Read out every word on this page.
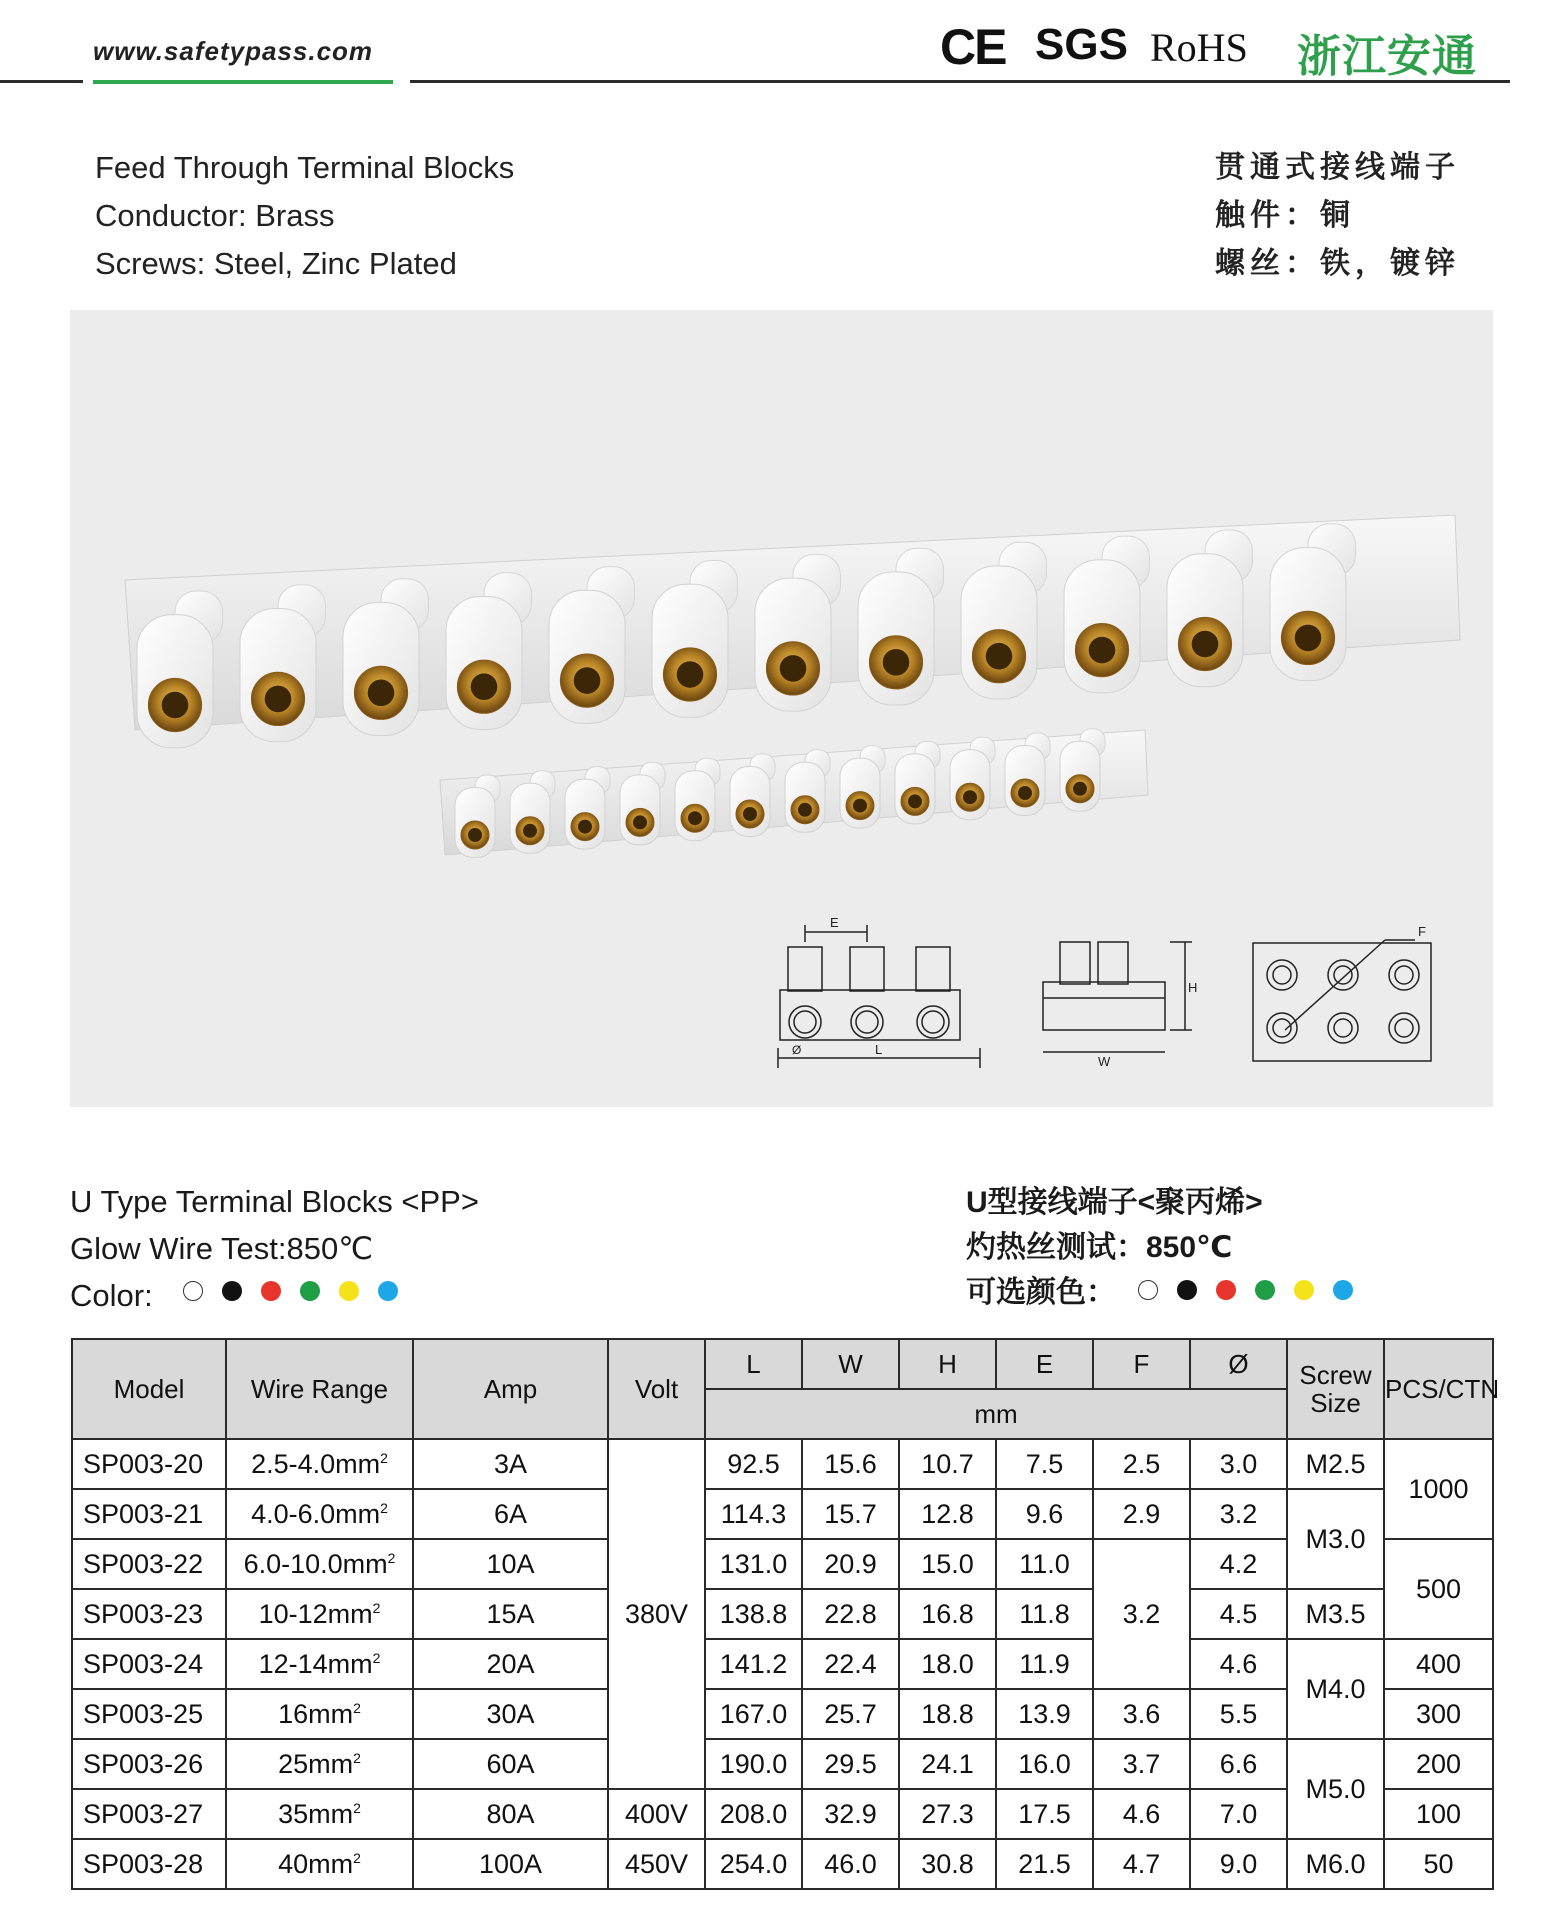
www.safetypass.com	CE SGS RoHS 浙江安通
Feed Through Terminal Blocks
Conductor: Brass
Screws: Steel, Zinc Plated
贯通式接线端子
触件：铜
螺丝：铁，镀锌
E
L
Ø
H
W
F
U Type Terminal Blocks <PP>
Glow Wire Test:850℃
Color:
U型接线端子<聚丙烯>
灼热丝测试：850℃
可选颜色：
Model	Wire Range	Amp	Volt	L	W	H	E	F	Ø	Screw Size	PCS/CTN
				mm							
SP003-20	$2.5-4.0mm^2$	3A	380V	92.5	15.6	10.7	7.5	2.5	3.0	M2.5	1000
SP003-21	$4.0-6.0mm^2$	6A		114.3	15.7	12.8	9.6	2.9	3.2	M3.0	
SP003-22	$6.0-10.0mm^2$	10A		131.0	20.9	15.0	11.0	3.2	4.2		500
SP003-23	$10-12mm^2$	15A		138.8	22.8	16.8	11.8		4.5	M3.5	
SP003-24	$12-14mm^2$	20A		141.2	22.4	18.0	11.9		4.6	M4.0	400
SP003-25	$16mm^2$	30A		167.0	25.7	18.8	13.9	3.6	5.5		300
SP003-26	$25mm^2$	60A		190.0	29.5	24.1	16.0	3.7	6.6	M5.0	200
SP003-27	$35mm^2$	80A	400V	208.0	32.9	27.3	17.5	4.6	7.0		100
SP003-28	$40mm^2$	100A	450V	254.0	46.0	30.8	21.5	4.7	9.0	M6.0	50
